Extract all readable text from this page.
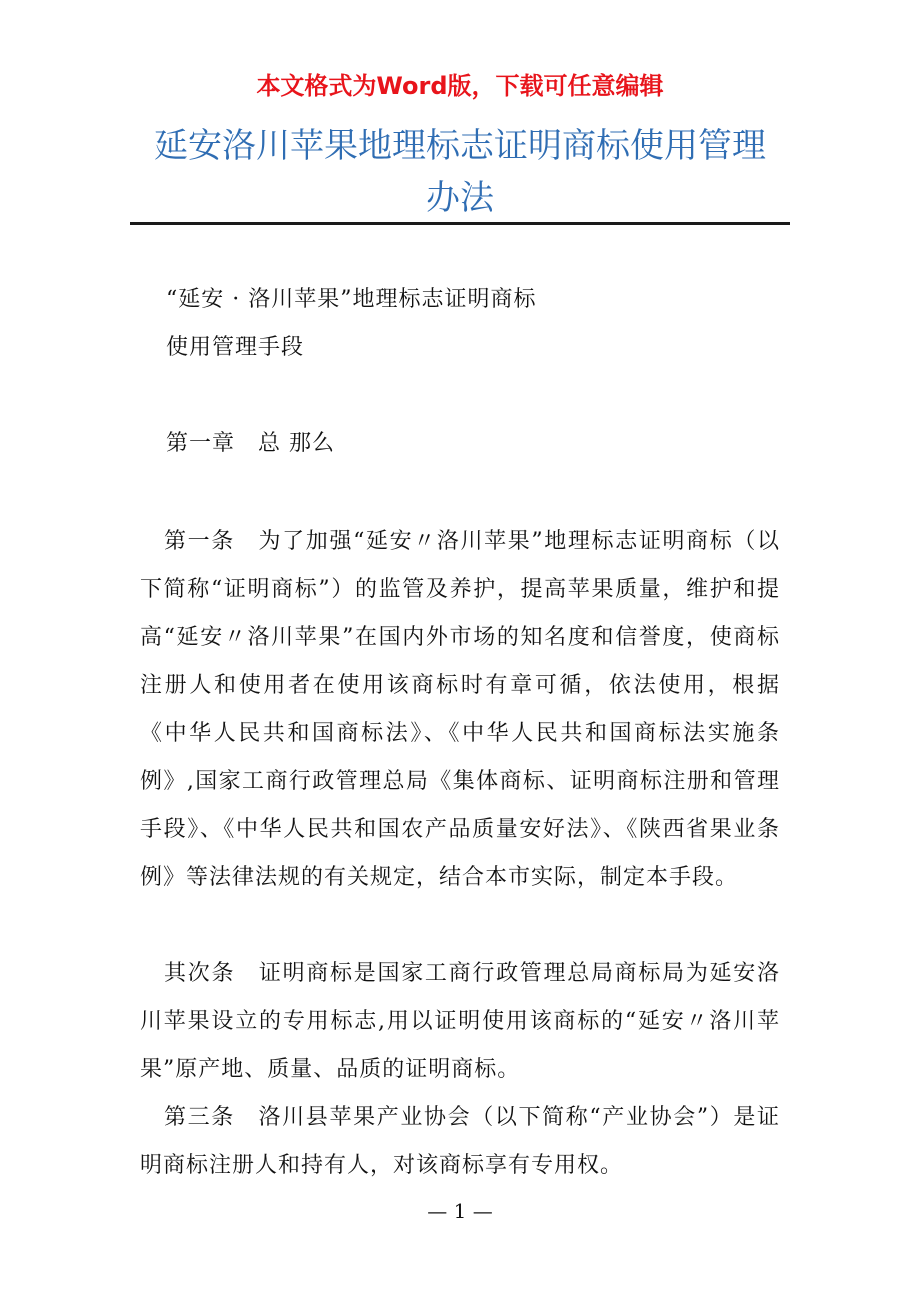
本文格式为Word版，下载可任意编辑
延安洛川苹果地理标志证明商标使用管理
办法

“延安 · 洛川苹果”地理标志证明商标

使用管理手段

第一章　总 那么

第一条　为了加强“延安〃洛川苹果”地理标志证明商标（以下简称“证明商标”）的监管及养护，提高苹果质量，维护和提高“延安〃洛川苹果”在国内外市场的知名度和信誉度，使商标注册人和使用者在使用该商标时有章可循，依法使用，根据《中华人民共和国商标法》、《中华人民共和国商标法实施条例》,国家工商行政管理总局《集体商标、证明商标注册和管理手段》、《中华人民共和国农产品质量安好法》、《陕西省果业条例》等法律法规的有关规定，结合本市实际，制定本手段。

其次条　证明商标是国家工商行政管理总局商标局为延安洛川苹果设立的专用标志,用以证明使用该商标的“延安〃洛川苹果”原产地、质量、品质的证明商标。

第三条　洛川县苹果产业协会（以下简称“产业协会”）是证明商标注册人和持有人，对该商标享有专用权。

— 1 —
